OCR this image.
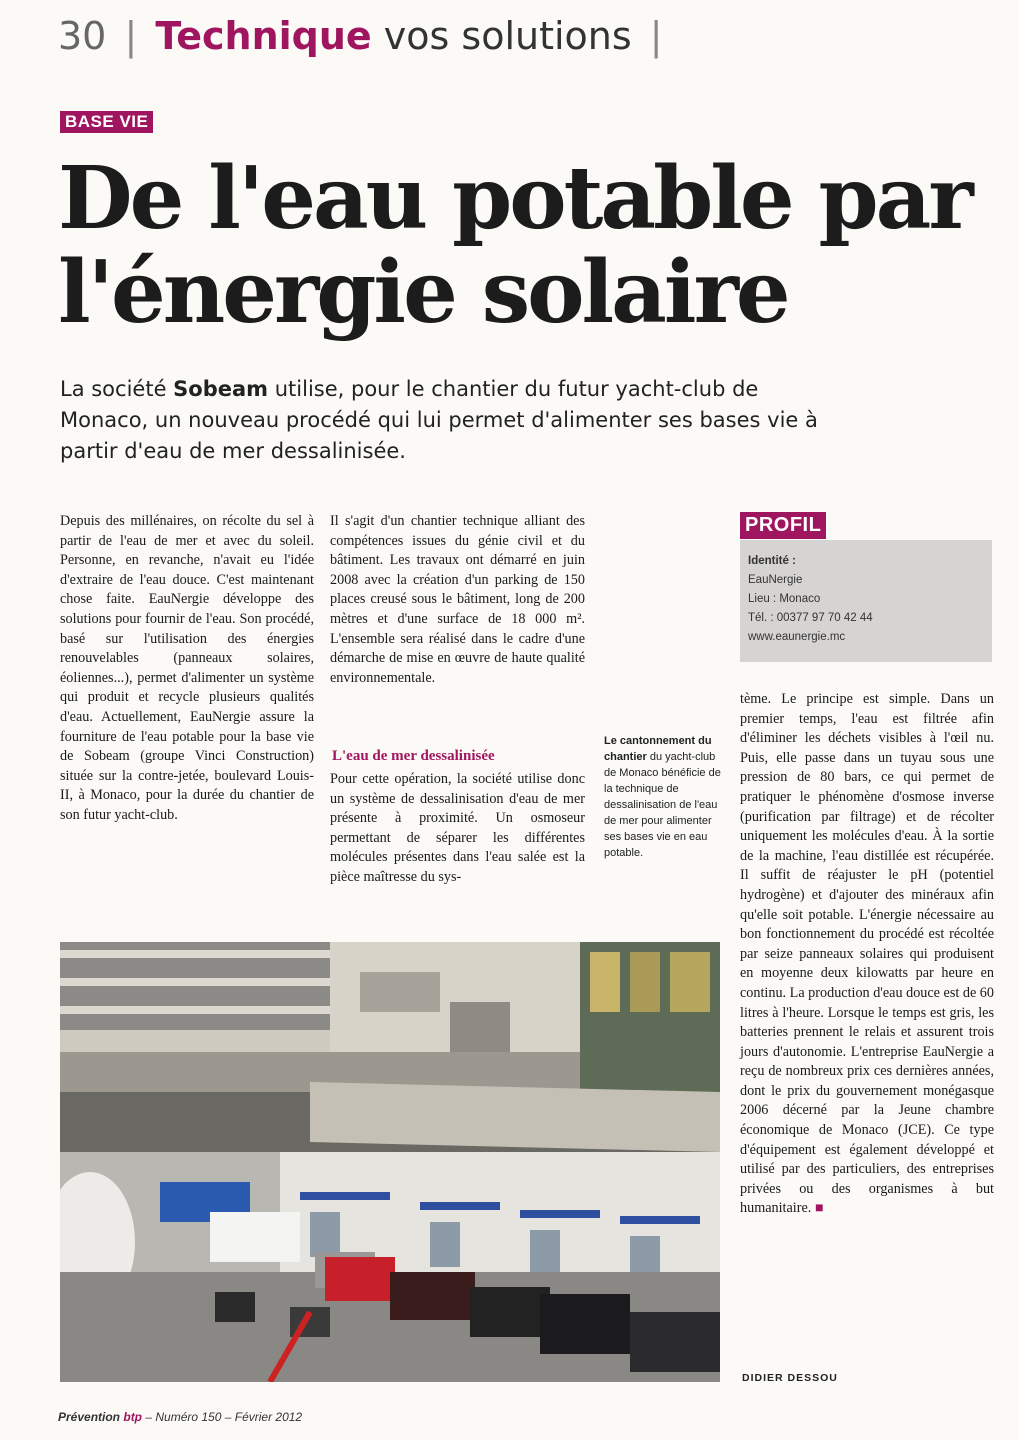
30 | Technique vos solutions |
BASE VIE
De l'eau potable par l'énergie solaire

La société Sobeam utilise, pour le chantier du futur yacht-club de Monaco, un nouveau procédé qui lui permet d'alimenter ses bases vie à partir d'eau de mer dessalinisée.

Depuis des millénaires, on récolte du sel à partir de l'eau de mer et avec du soleil. Personne, en revanche, n'avait eu l'idée d'extraire de l'eau douce. C'est maintenant chose faite. EauNergie développe des solutions pour fournir de l'eau. Son procédé, basé sur l'utilisation des énergies renouvelables (panneaux solaires, éoliennes...), permet d'alimenter un système qui produit et recycle plusieurs qualités d'eau. Actuellement, EauNergie assure la fourniture de l'eau potable pour la base vie de Sobeam (groupe Vinci Construction) située sur la contre-jetée, boulevard Louis-II, à Monaco, pour la durée du chantier de son futur yacht-club.

Il s'agit d'un chantier technique alliant des compétences issues du génie civil et du bâtiment. Les travaux ont démarré en juin 2008 avec la création d'un parking de 150 places creusé sous le bâtiment, long de 200 mètres et d'une surface de 18 000 m². L'ensemble sera réalisé dans le cadre d'une démarche de mise en œuvre de haute qualité environnementale.

L'eau de mer dessalinisée

Pour cette opération, la société utilise donc un système de dessalinisation d'eau de mer présente à proximité. Un osmoseur permettant de séparer les différentes molécules présentes dans l'eau salée est la pièce maîtresse du sys-

Le cantonnement du chantier du yacht-club de Monaco bénéficie de la technique de dessalinisation de l'eau de mer pour alimenter ses bases vie en eau potable.
PROFIL
Identité :
EauNergie
Lieu : Monaco
Tél. : 00377 97 70 42 44
www.eaunergie.mc

tème. Le principe est simple. Dans un premier temps, l'eau est filtrée afin d'éliminer les déchets visibles à l'œil nu. Puis, elle passe dans un tuyau sous une pression de 80 bars, ce qui permet de pratiquer le phénomène d'osmose inverse (purification par filtrage) et de récolter uniquement les molécules d'eau. À la sortie de la machine, l'eau distillée est récupérée. Il suffit de réajuster le pH (potentiel hydrogène) et d'ajouter des minéraux afin qu'elle soit potable. L'énergie nécessaire au bon fonctionnement du procédé est récoltée par seize panneaux solaires qui produisent en moyenne deux kilowatts par heure en continu. La production d'eau douce est de 60 litres à l'heure. Lorsque le temps est gris, les batteries prennent le relais et assurent trois jours d'autonomie. L'entreprise EauNergie a reçu de nombreux prix ces dernières années, dont le prix du gouvernement monégasque 2006 décerné par la Jeune chambre économique de Monaco (JCE). Ce type d'équipement est également développé et utilisé par des particuliers, des entreprises privées ou des organismes à but humanitaire. ■

DIDIER DESSOU
Prévention btp – Numéro 150 – Février 2012
